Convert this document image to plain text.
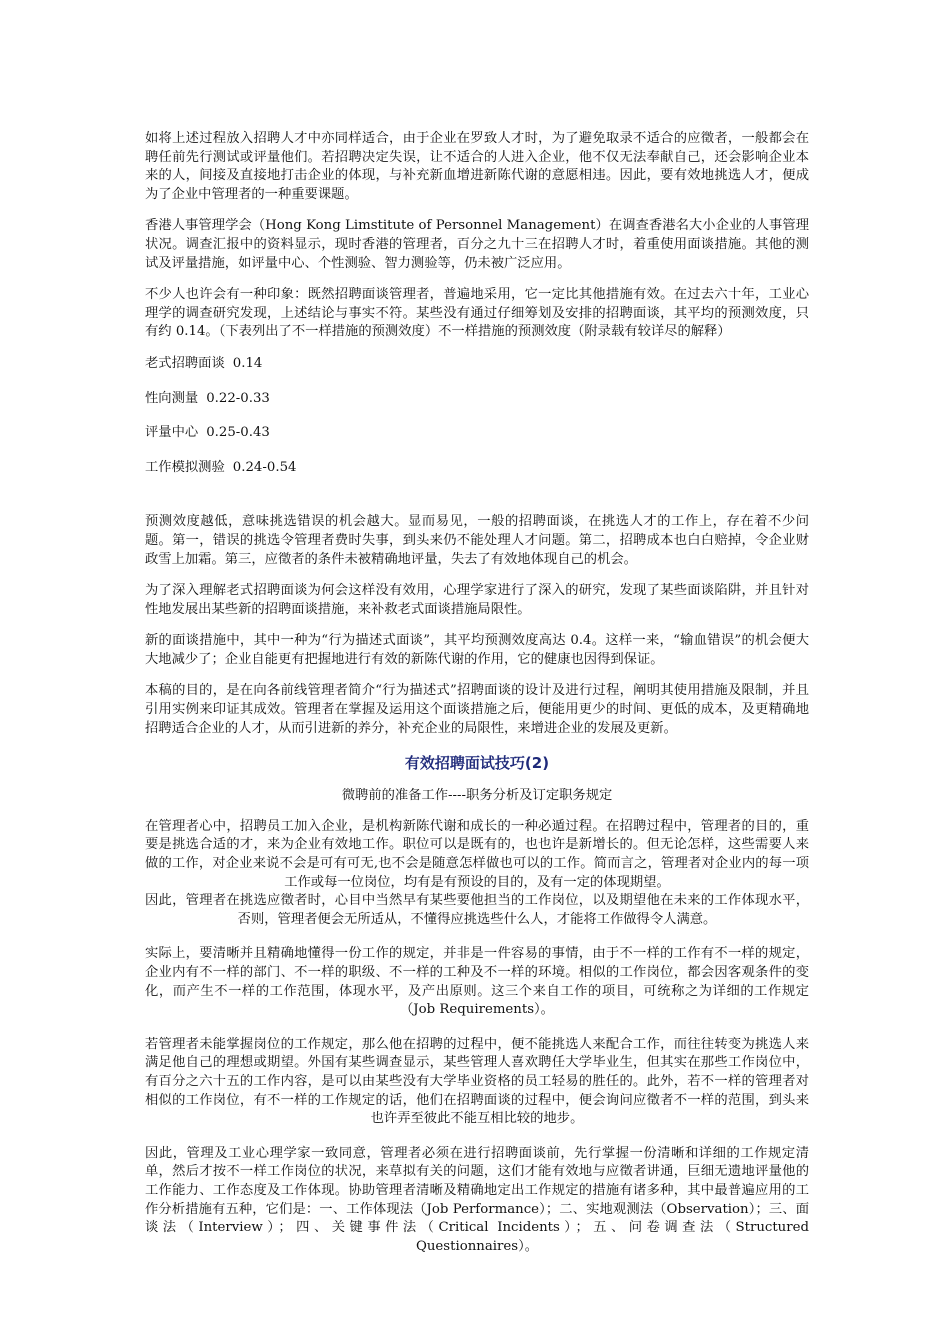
如将上述过程放入招聘人才中亦同样适合，由于企业在罗致人才时，为了避免取录不适合的应徵者，一般都会在聘任前先行测试或评量他们。若招聘决定失误，让不适合的人进入企业，他不仅无法奉献自己，还会影响企业本来的人，间接及直接地打击企业的体现，与补充新血增进新陈代谢的意愿相违。因此，要有效地挑选人才，便成为了企业中管理者的一种重要课题。

香港人事管理学会（Hong Kong Limstitute of Personnel Management）在调查香港名大小企业的人事管理状况。调查汇报中的资料显示，现时香港的管理者，百分之九十三在招聘人才时，着重使用面谈措施。其他的测试及评量措施，如评量中心、个性测验、智力测验等，仍未被广泛应用。

不少人也许会有一种印象：既然招聘面谈管理者，普遍地采用，它一定比其他措施有效。在过去六十年，工业心理学的调查研究发现，上述结论与事实不符。某些没有通过仔细筹划及安排的招聘面谈，其平均的预测效度，只有约 0.14。（下表列出了不一样措施的预测效度）不一样措施的预测效度（附录载有较详尽的解释）

老式招聘面谈 0.14
性向测量 0.22-0.33
评量中心 0.25-0.43
工作模拟测验 0.24-0.54

预测效度越低，意味挑选错误的机会越大。显而易见，一般的招聘面谈，在挑选人才的工作上，存在着不少问题。第一，错误的挑选令管理者费时失事，到头来仍不能处理人才问题。第二，招聘成本也白白赔掉，令企业财政雪上加霜。第三，应徵者的条件未被精确地评量，失去了有效地体现自己的机会。

为了深入理解老式招聘面谈为何会这样没有效用，心理学家进行了深入的研究，发现了某些面谈陷阱，并且针对性地发展出某些新的招聘面谈措施，来补救老式面谈措施局限性。

新的面谈措施中，其中一种为“行为描述式面谈”，其平均预测效度高达 0.4。这样一来，“输血错误”的机会便大大地减少了；企业自能更有把握地进行有效的新陈代谢的作用，它的健康也因得到保证。

本稿的目的，是在向各前线管理者简介“行为描述式”招聘面谈的设计及进行过程，阐明其使用措施及限制，并且引用实例来印证其成效。管理者在掌握及运用这个面谈措施之后，便能用更少的时间、更低的成本，及更精确地招聘适合企业的人才，从而引进新的养分，补充企业的局限性，来增进企业的发展及更新。

有效招聘面试技巧(2)
微聘前的准备工作----职务分析及订定职务规定

在管理者心中，招聘员工加入企业，是机构新陈代谢和成长的一种必遁过程。在招聘过程中，管理者的目的，重要是挑选合适的才，来为企业有效地工作。职位可以是既有的，也也许是新增长的。但无论怎样，这些需要人来做的工作，对企业来说不会是可有可无,也不会是随意怎样做也可以的工作。简而言之，管理者对企业内的每一项工作或每一位岗位，均有是有预设的目的，及有一定的体现期望。

因此，管理者在挑选应徵者时，心目中当然早有某些要他担当的工作岗位，以及期望他在未来的工作体现水平，否则，管理者便会无所适从，不懂得应挑选些什么人，才能将工作做得令人满意。

实际上，要清晰并且精确地懂得一份工作的规定，并非是一件容易的事情，由于不一样的工作有不一样的规定，企业内有不一样的部门、不一样的职级、不一样的工种及不一样的环境。相似的工作岗位，都会因客观条件的变化，而产生不一样的工作范围，体现水平，及产出原则。这三个来自工作的项目，可统称之为详细的工作规定（Job Requirements）。

若管理者未能掌握岗位的工作规定，那么他在招聘的过程中，便不能挑选人来配合工作，而往往转变为挑选人来满足他自己的理想或期望。外国有某些调查显示，某些管理人喜欢聘任大学毕业生，但其实在那些工作岗位中，有百分之六十五的工作内容，是可以由某些没有大学毕业资格的员工轻易的胜任的。此外，若不一样的管理者对相似的工作岗位，有不一样的工作规定的话，他们在招聘面谈的过程中，便会询问应徵者不一样的范围，到头来也许弄至彼此不能互相比较的地步。

因此，管理及工业心理学家一致同意，管理者必须在进行招聘面谈前，先行掌握一份清晰和详细的工作规定清单，然后才按不一样工作岗位的状况，来草拟有关的问题，这们才能有效地与应徵者讲通，巨细无遗地评量他的工作能力、工作态度及工作体现。协助管理者清晰及精确地定出工作规定的措施有诸多种，其中最普遍应用的工作分析措施有五种，它们是：一、工作体现法（Job Performance）；二、实地观测法（Observation）；三、面谈法（Interview）；四、关键事件法（Critical Incidents）；五、问卷调查法（Structured Questionnaires）。
